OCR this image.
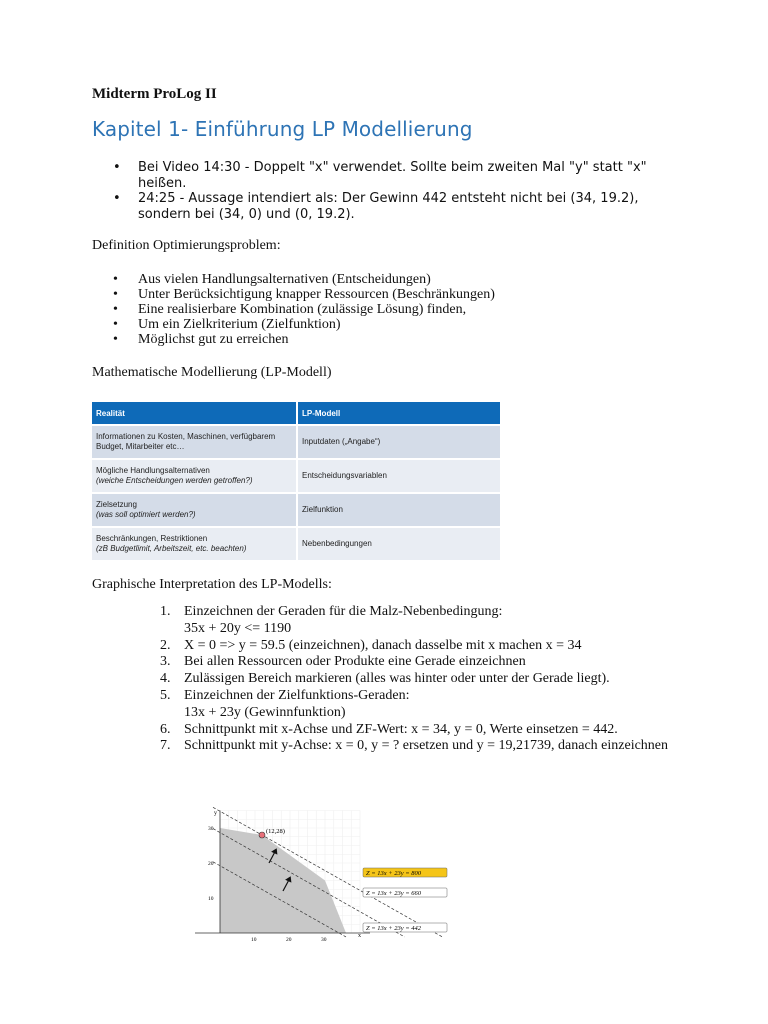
Midterm ProLog II
Kapitel 1- Einführung LP Modellierung
• Bei Video 14:30 - Doppelt "x" verwendet. Sollte beim zweiten Mal "y" statt "x" heißen.
• 24:25 - Aussage intendiert als: Der Gewinn 442 entsteht nicht bei (34, 19.2), sondern bei (34, 0) und (0, 19.2).
Definition Optimierungsproblem:
• Aus vielen Handlungsalternativen (Entscheidungen)
• Unter Berücksichtigung knapper Ressourcen (Beschränkungen)
• Eine realisierbare Kombination (zulässige Lösung) finden,
• Um ein Zielkriterium (Zielfunktion)
• Möglichst gut zu erreichen
Mathematische Modellierung (LP-Modell)
Realität	LP-Modell
Informationen zu Kosten, Maschinen, verfügbarem Budget, Mitarbeiter etc…	Inputdaten („Angabe“)
Mögliche Handlungsalternativen
(weiche Entscheidungen werden getroffen?)	Entscheidungsvariablen
Zielsetzung
(was soll optimiert werden?)	Zielfunktion
Beschränkungen, Restriktionen
(zB Budgetlimit, Arbeitszeit, etc. beachten)	Nebenbedingungen
Graphische Interpretation des LP-Modells:
1. Einzeichnen der Geraden für die Malz-Nebenbedingung:
35x + 20y <= 1190
2. X = 0 => y = 59.5 (einzeichnen), danach dasselbe mit x machen x = 34
3. Bei allen Ressourcen oder Produkte eine Gerade einzeichnen
4. Zulässigen Bereich markieren (alles was hinter oder unter der Gerade liegt).
5. Einzeichnen der Zielfunktions-Geraden:
13x + 23y (Gewinnfunktion)
6. Schnittpunkt mit x-Achse und ZF-Wert: x = 34, y = 0, Werte einsetzen = 442.
7. Schnittpunkt mit y-Achse: x = 0, y = ? ersetzen und y = 19,21739, danach einzeichnen
y
x
10	20	30
10
20
30
Z = 13x + 23y = 800
Z = 13x + 23y = 660
Z = 13x + 23y = 442
(12,28)
